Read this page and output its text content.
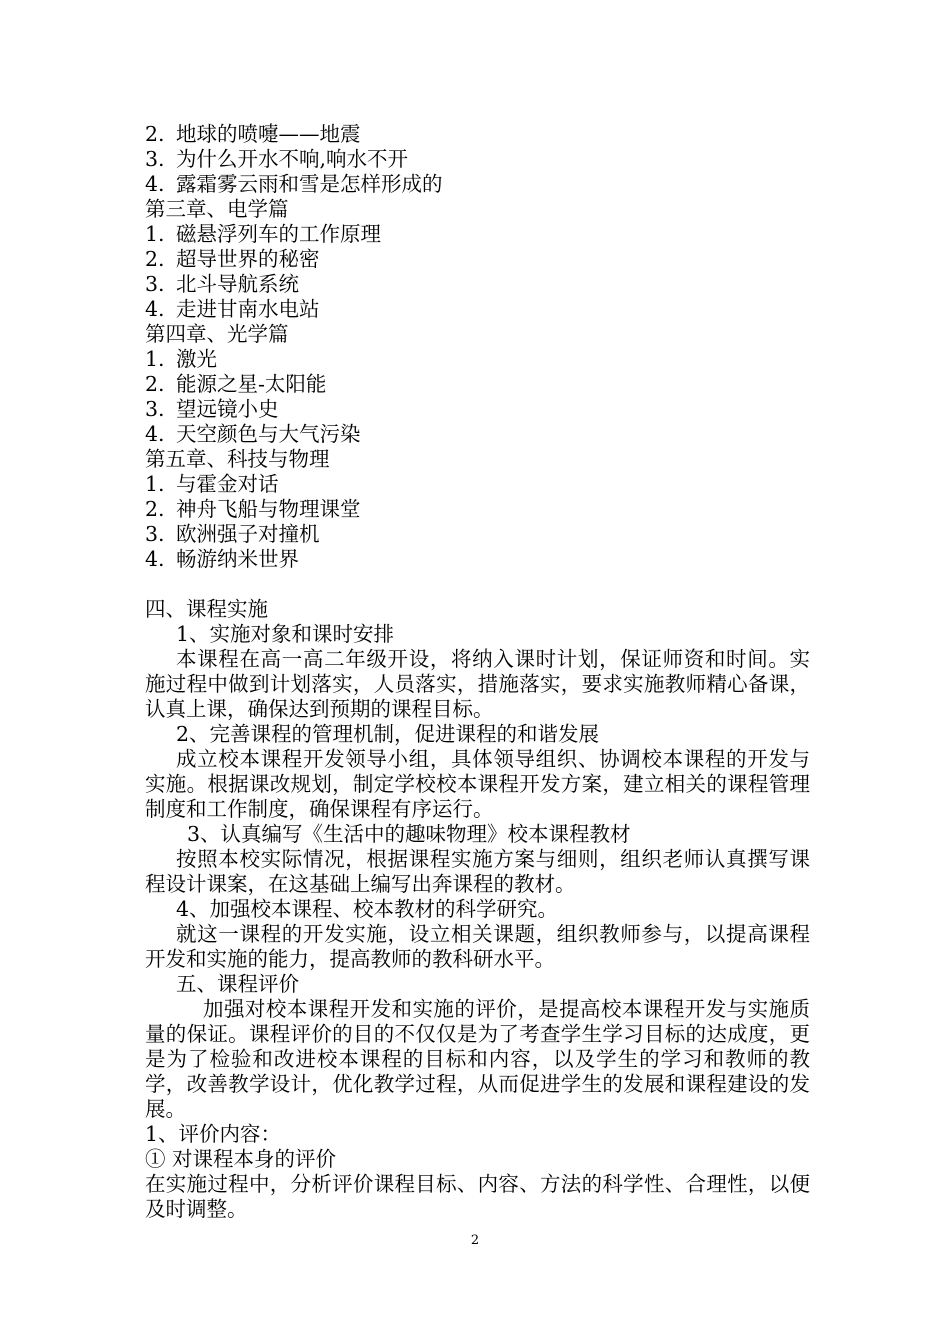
2. 地球的喷嚏——地震
3. 为什么开水不响,响水不开
4. 露霜雾云雨和雪是怎样形成的
第三章、电学篇
1. 磁悬浮列车的工作原理
2. 超导世界的秘密
3. 北斗导航系统
4. 走进甘南水电站
第四章、光学篇
1. 激光
2. 能源之星-太阳能
3. 望远镜小史
4. 天空颜色与大气污染
第五章、科技与物理
1. 与霍金对话
2. 神舟飞船与物理课堂
3. 欧洲强子对撞机
4. 畅游纳米世界
四、课程实施
1、实施对象和课时安排

本课程在高一高二年级开设，将纳入课时计划，保证师资和时间。实施过程中做到计划落实，人员落实，措施落实，要求实施教师精心备课，认真上课，确保达到预期的课程目标。

2、完善课程的管理机制，促进课程的和谐发展

成立校本课程开发领导小组，具体领导组织、协调校本课程的开发与实施。根据课改规划，制定学校校本课程开发方案，建立相关的课程管理制度和工作制度，确保课程有序运行。

3、认真编写《生活中的趣味物理》校本课程教材

按照本校实际情况，根据课程实施方案与细则，组织老师认真撰写课程设计课案，在这基础上编写出奔课程的教材。

4、加强校本课程、校本教材的科学研究。

就这一课程的开发实施，设立相关课题，组织教师参与，以提高课程开发和实施的能力，提高教师的教科研水平。

五、课程评价

加强对校本课程开发和实施的评价，是提高校本课程开发与实施质量的保证。课程评价的目的不仅仅是为了考查学生学习目标的达成度，更是为了检验和改进校本课程的目标和内容，以及学生的学习和教师的教学，改善教学设计，优化教学过程，从而促进学生的发展和课程建设的发展。

1、评价内容：
① 对课程本身的评价

在实施过程中，分析评价课程目标、内容、方法的科学性、合理性，以便及时调整。

2
